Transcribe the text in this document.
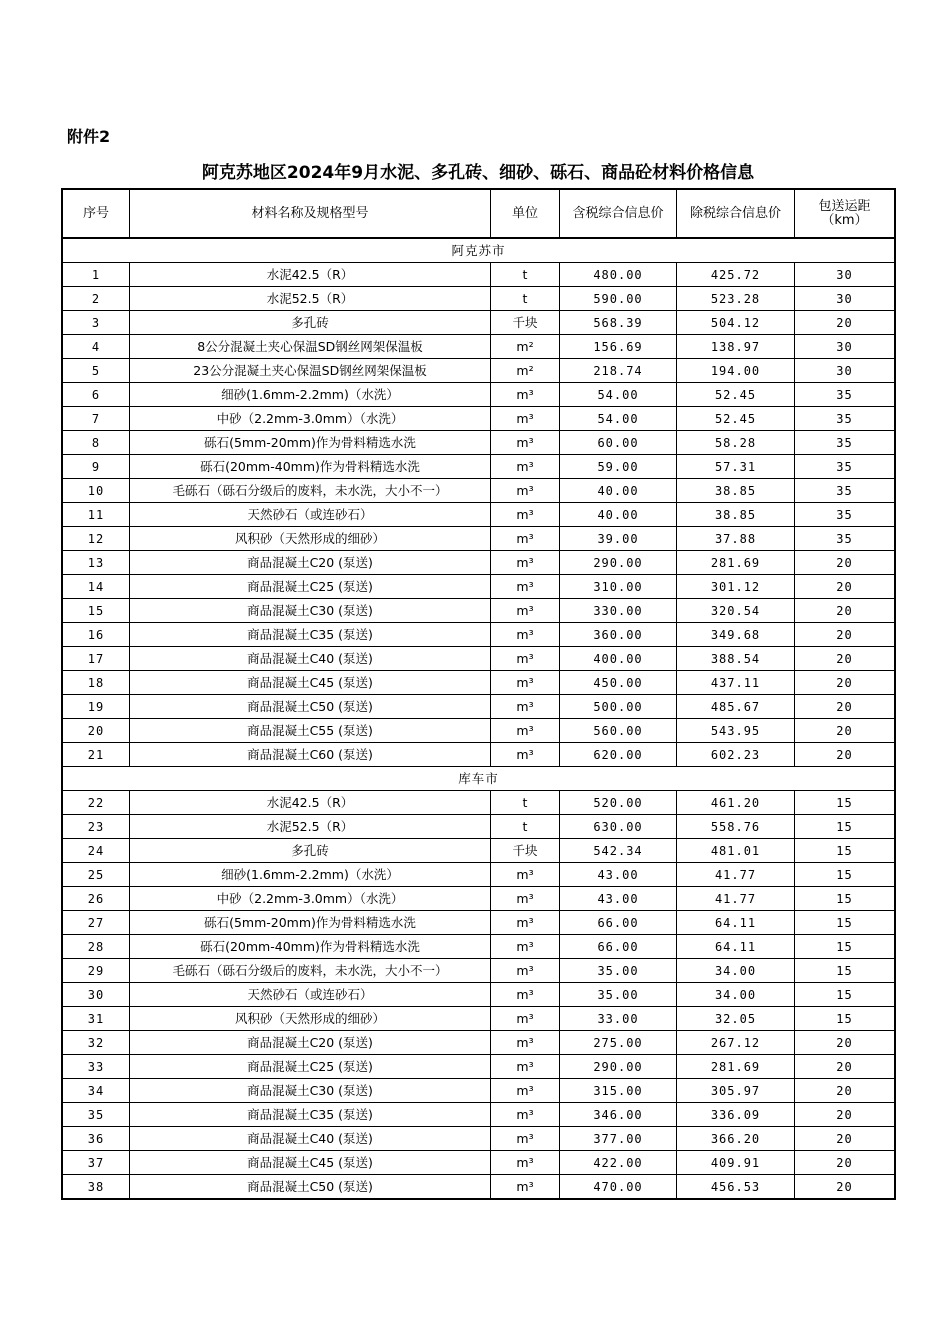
附件2
阿克苏地区2024年9月水泥、多孔砖、细砂、砾石、商品砼材料价格信息
序号	材料名称及规格型号	单位	含税综合信息价	除税综合信息价	包送运距
（km）
阿克苏市					
1	水泥42.5（R）	t	480.00	425.72	30
2	水泥52.5（R）	t	590.00	523.28	30
3	多孔砖	千块	568.39	504.12	20
4	8公分混凝土夹心保温SD钢丝网架保温板	m²	156.69	138.97	30
5	23公分混凝土夹心保温SD钢丝网架保温板	m²	218.74	194.00	30
6	细砂(1.6mm-2.2mm)（水洗）	m³	54.00	52.45	35
7	中砂（2.2mm-3.0mm）（水洗）	m³	54.00	52.45	35
8	砾石(5mm-20mm)作为骨料精选水洗	m³	60.00	58.28	35
9	砾石(20mm-40mm)作为骨料精选水洗	m³	59.00	57.31	35
10	毛砾石（砾石分级后的废料，未水洗，大小不一）	m³	40.00	38.85	35
11	天然砂石（或连砂石）	m³	40.00	38.85	35
12	风积砂（天然形成的细砂）	m³	39.00	37.88	35
13	商品混凝土C20 (泵送)	m³	290.00	281.69	20
14	商品混凝土C25 (泵送)	m³	310.00	301.12	20
15	商品混凝土C30 (泵送)	m³	330.00	320.54	20
16	商品混凝土C35 (泵送)	m³	360.00	349.68	20
17	商品混凝土C40 (泵送)	m³	400.00	388.54	20
18	商品混凝土C45 (泵送)	m³	450.00	437.11	20
19	商品混凝土C50 (泵送)	m³	500.00	485.67	20
20	商品混凝土C55 (泵送)	m³	560.00	543.95	20
21	商品混凝土C60 (泵送)	m³	620.00	602.23	20
库车市					
22	水泥42.5（R）	t	520.00	461.20	15
23	水泥52.5（R）	t	630.00	558.76	15
24	多孔砖	千块	542.34	481.01	15
25	细砂(1.6mm-2.2mm)（水洗）	m³	43.00	41.77	15
26	中砂（2.2mm-3.0mm）（水洗）	m³	43.00	41.77	15
27	砾石(5mm-20mm)作为骨料精选水洗	m³	66.00	64.11	15
28	砾石(20mm-40mm)作为骨料精选水洗	m³	66.00	64.11	15
29	毛砾石（砾石分级后的废料，未水洗，大小不一）	m³	35.00	34.00	15
30	天然砂石（或连砂石）	m³	35.00	34.00	15
31	风积砂（天然形成的细砂）	m³	33.00	32.05	15
32	商品混凝土C20 (泵送)	m³	275.00	267.12	20
33	商品混凝土C25 (泵送)	m³	290.00	281.69	20
34	商品混凝土C30 (泵送)	m³	315.00	305.97	20
35	商品混凝土C35 (泵送)	m³	346.00	336.09	20
36	商品混凝土C40 (泵送)	m³	377.00	366.20	20
37	商品混凝土C45 (泵送)	m³	422.00	409.91	20
38	商品混凝土C50 (泵送)	m³	470.00	456.53	20
